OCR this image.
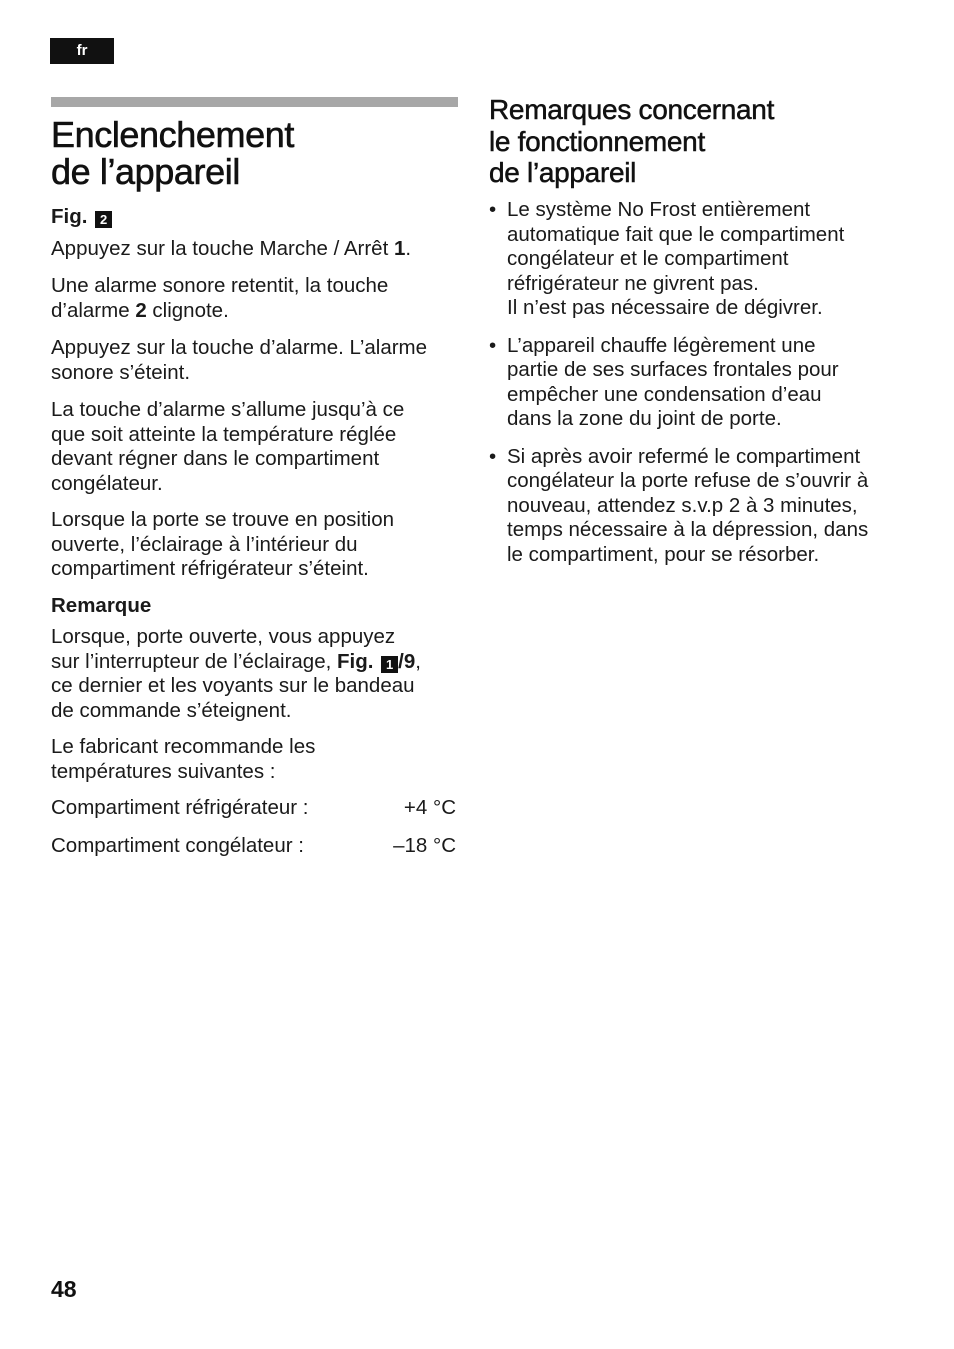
fr
Enclenchement
de l’appareil
Fig. 2

Appuyez sur la touche Marche / Arrêt 1.

Une alarme sonore retentit, la touche
d’alarme 2 clignote.

Appuyez sur la touche d’alarme. L’alarme
sonore s’éteint.

La touche d’alarme s’allume jusqu’à ce
que soit atteinte la température réglée
devant régner dans le compartiment
congélateur.

Lorsque la porte se trouve en position
ouverte, l’éclairage à l’intérieur du
compartiment réfrigérateur s’éteint.

Remarque

Lorsque, porte ouverte, vous appuyez
sur l’interrupteur de l’éclairage, Fig. 1 /9,
ce dernier et les voyants sur le bandeau
de commande s’éteignent.

Le fabricant recommande les
températures suivantes :

Compartiment réfrigérateur :	+4 °C
Compartiment congélateur :	–18 °C
Remarques concernant
le fonctionnement
de l’appareil
• Le système No Frost entièrement
automatique fait que le compartiment
congélateur et le compartiment
réfrigérateur ne givrent pas.
Il n’est pas nécessaire de dégivrer.
• L’appareil chauffe légèrement une
partie de ses surfaces frontales pour
empêcher une condensation d’eau
dans la zone du joint de porte.
• Si après avoir refermé le compartiment
congélateur la porte refuse de s’ouvrir à
nouveau, attendez s.v.p 2 à 3 minutes,
temps nécessaire à la dépression, dans
le compartiment, pour se résorber.
48
